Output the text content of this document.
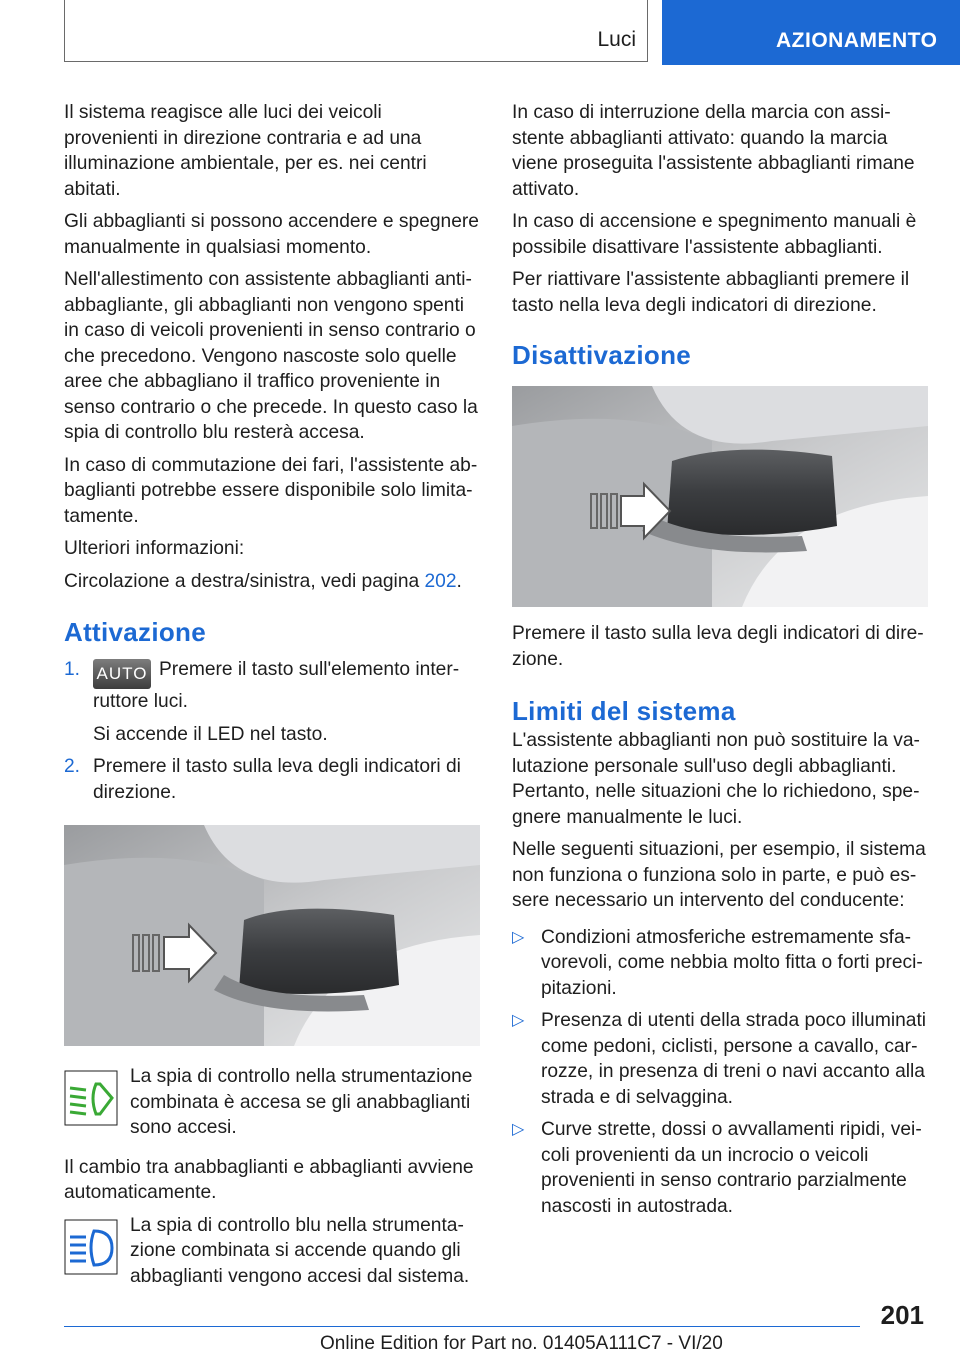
Luci	AZIONAMENTO

Il sistema reagisce alle luci dei veicoli provenienti in direzione contraria e ad una illuminazione ambientale, per es. nei centri abitati.

Gli abbaglianti si possono accendere e spegnere manualmente in qualsiasi momento.

Nell'allestimento con assistente abbaglianti antiabbagliante, gli abbaglianti non vengono spenti in caso di veicoli provenienti in senso contrario o che precedono. Vengono nascoste solo quelle aree che abbagliano il traffico proveniente in senso contrario o che precede. In questo caso la spia di controllo blu resterà accesa.

In caso di commutazione dei fari, l'assistente abbaglianti potrebbe essere disponibile solo limitatamente.

Ulteriori informazioni:

Circolazione a destra/sinistra, vedi pagina 202.

Attivazione
1. AUTO Premere il tasto sull'elemento interruttore luci.
Si accende il LED nel tasto.
2. Premere il tasto sulla leva degli indicatori di direzione.
La spia di controllo nella strumentazione combinata è accesa se gli anabbaglianti sono accesi.

Il cambio tra anabbaglianti e abbaglianti avviene automaticamente.

La spia di controllo blu nella strumentazione combinata si accende quando gli abbaglianti vengono accesi dal sistema.

In caso di interruzione della marcia con assistente abbaglianti attivato: quando la marcia viene proseguita l'assistente abbaglianti rimane attivato.

In caso di accensione e spegnimento manuali è possibile disattivare l'assistente abbaglianti.

Per riattivare l'assistente abbaglianti premere il tasto nella leva degli indicatori di direzione.

Disattivazione

Premere il tasto sulla leva degli indicatori di direzione.

Limiti del sistema

L'assistente abbaglianti non può sostituire la valutazione personale sull'uso degli abbaglianti. Pertanto, nelle situazioni che lo richiedono, spegnere manualmente le luci.

Nelle seguenti situazioni, per esempio, il sistema non funziona o funziona solo in parte, e può essere necessario un intervento del conducente:

▷ Condizioni atmosferiche estremamente sfavorevoli, come nebbia molto fitta o forti precipitazioni.
▷ Presenza di utenti della strada poco illuminati come pedoni, ciclisti, persone a cavallo, carrozze, in presenza di treni o navi accanto alla strada e di selvaggina.
▷ Curve strette, dossi o avvallamenti ripidi, veicoli provenienti da un incrocio o veicoli provenienti in senso contrario parzialmente nascosti in autostrada.
201
Online Edition for Part no. 01405A111C7 - VI/20
